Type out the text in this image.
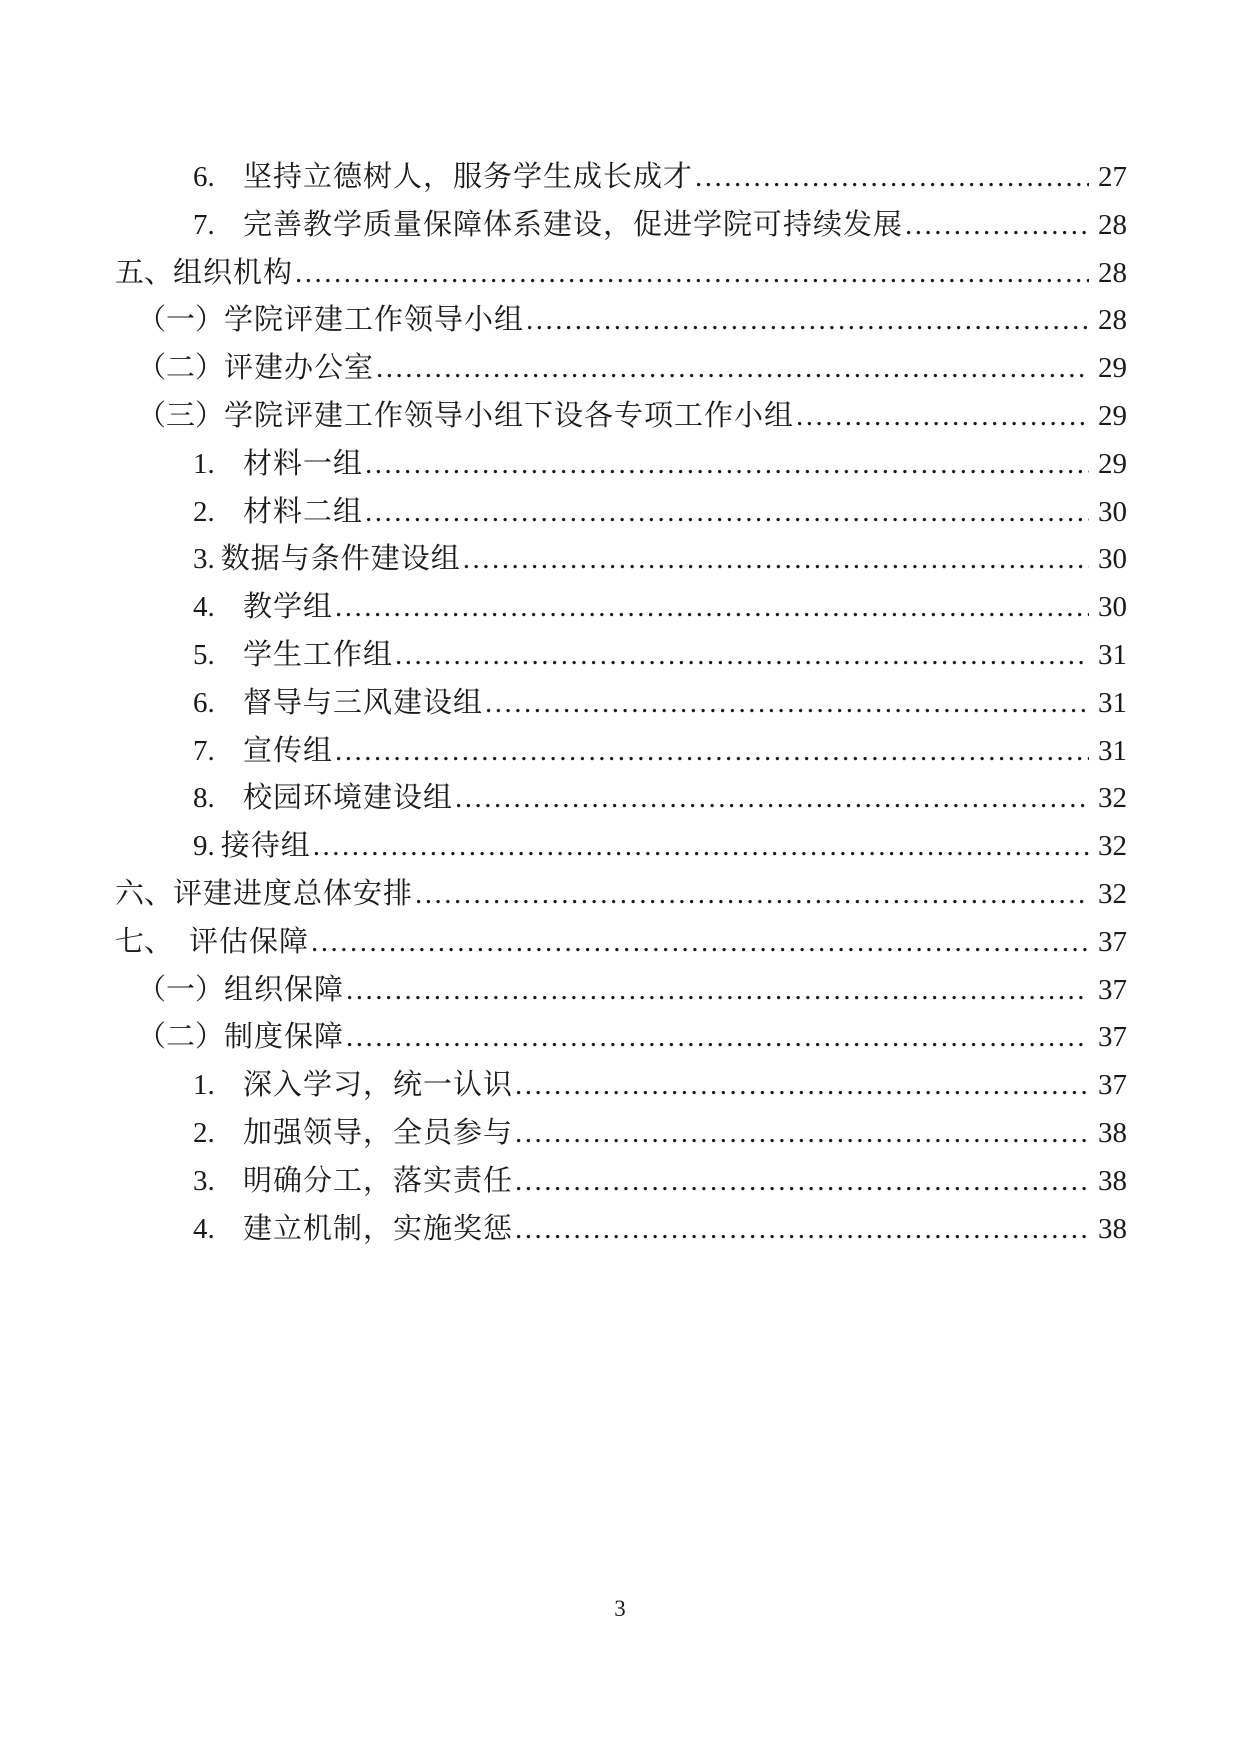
6. 坚持立德树人，服务学生成长成才 .....	27
7. 完善教学质量保障体系建设，促进学院可持续发展 .....	28
五、 组织机构 .....	28
（一） 学院评建工作领导小组 .....	28
（二） 评建办公室 .....	29
（三） 学院评建工作领导小组下设各专项工作小组 .....	29
1. 材料一组 .....	29
2. 材料二组 .....	30
3. 数据与条件建设组 .....	30
4. 教学组 .....	30
5. 学生工作组 .....	31
6. 督导与三风建设组 .....	31
7. 宣传组 .....	31
8. 校园环境建设组 .....	32
9. 接待组 .....	32
六、 评建进度总体安排 .....	32
七、 评估保障 .....	37
（一） 组织保障 .....	37
（二） 制度保障 .....	37
1. 深入学习，统一认识 .....	37
2. 加强领导，全员参与 .....	38
3. 明确分工，落实责任 .....	38
4. 建立机制，实施奖惩 .....	38
3
